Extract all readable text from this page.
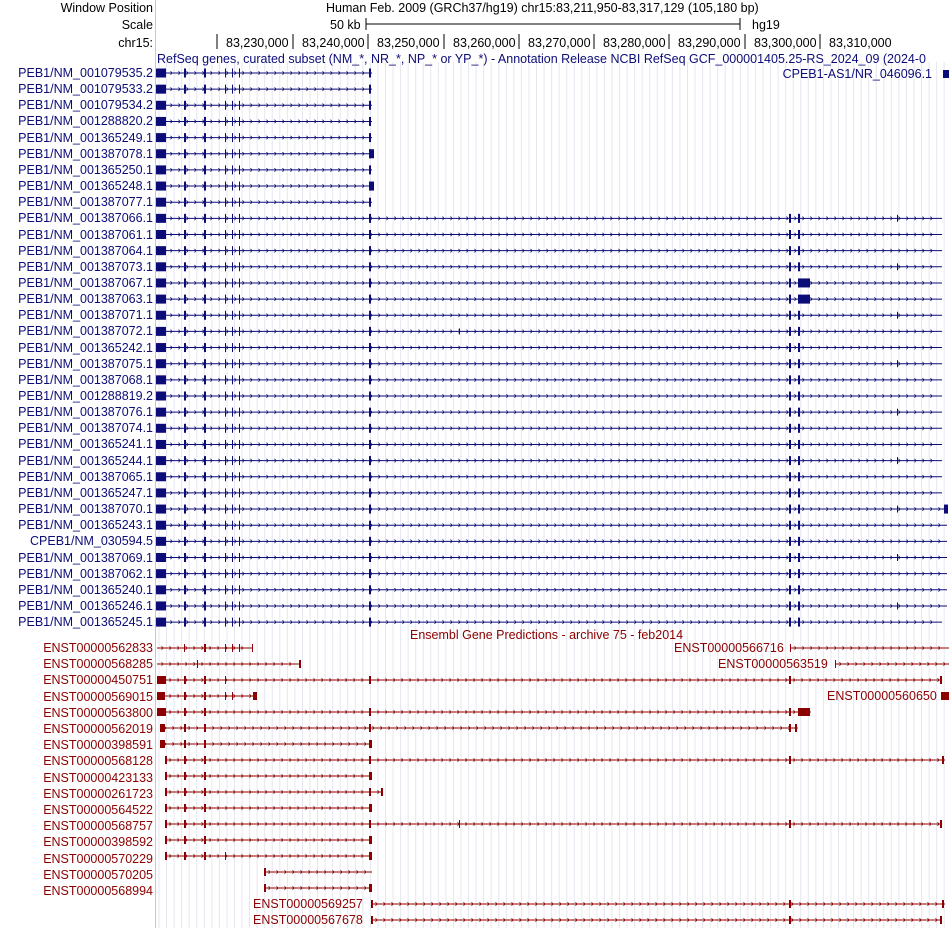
Window Position	Human Feb. 2009 (GRCh37/hg19) chr15:83,211,950-83,317,129 (105,180 bp)
Scale	50 kb	hg19
chr15:	83,230,000 83,240,000 83,250,000 83,260,000 83,270,000 83,280,000 83,290,000 83,300,000 83,310,000
RefSeq genes, curated subset (NM_*, NR_*, NP_* or YP_*) - Annotation Release NCBI RefSeq GCF_000001405.25-RS_2024_09 (2024-0
CPEB1-AS1/NR_046096.1
PEB1/NM_001079535.2
PEB1/NM_001079533.2
PEB1/NM_001079534.2
PEB1/NM_001288820.2
PEB1/NM_001365249.1
PEB1/NM_001387078.1
PEB1/NM_001365250.1
PEB1/NM_001365248.1
PEB1/NM_001387077.1
PEB1/NM_001387066.1
PEB1/NM_001387061.1
PEB1/NM_001387064.1
PEB1/NM_001387073.1
PEB1/NM_001387067.1
PEB1/NM_001387063.1
PEB1/NM_001387071.1
PEB1/NM_001387072.1
PEB1/NM_001365242.1
PEB1/NM_001387075.1
PEB1/NM_001387068.1
PEB1/NM_001288819.2
PEB1/NM_001387076.1
PEB1/NM_001387074.1
PEB1/NM_001365241.1
PEB1/NM_001365244.1
PEB1/NM_001387065.1
PEB1/NM_001365247.1
PEB1/NM_001387070.1
PEB1/NM_001365243.1
CPEB1/NM_030594.5
PEB1/NM_001387069.1
PEB1/NM_001387062.1
PEB1/NM_001365240.1
PEB1/NM_001365246.1
PEB1/NM_001365245.1
Ensembl Gene Predictions - archive 75 - feb2014
ENST00000562833
ENST00000568285
ENST00000450751
ENST00000569015
ENST00000563800
ENST00000562019
ENST00000398591
ENST00000568128
ENST00000423133
ENST00000261723
ENST00000564522
ENST00000568757
ENST00000398592
ENST00000570229
ENST00000570205
ENST00000568994
ENST00000566716
ENST00000563519
ENST00000560650
ENST00000569257
ENST00000567678
